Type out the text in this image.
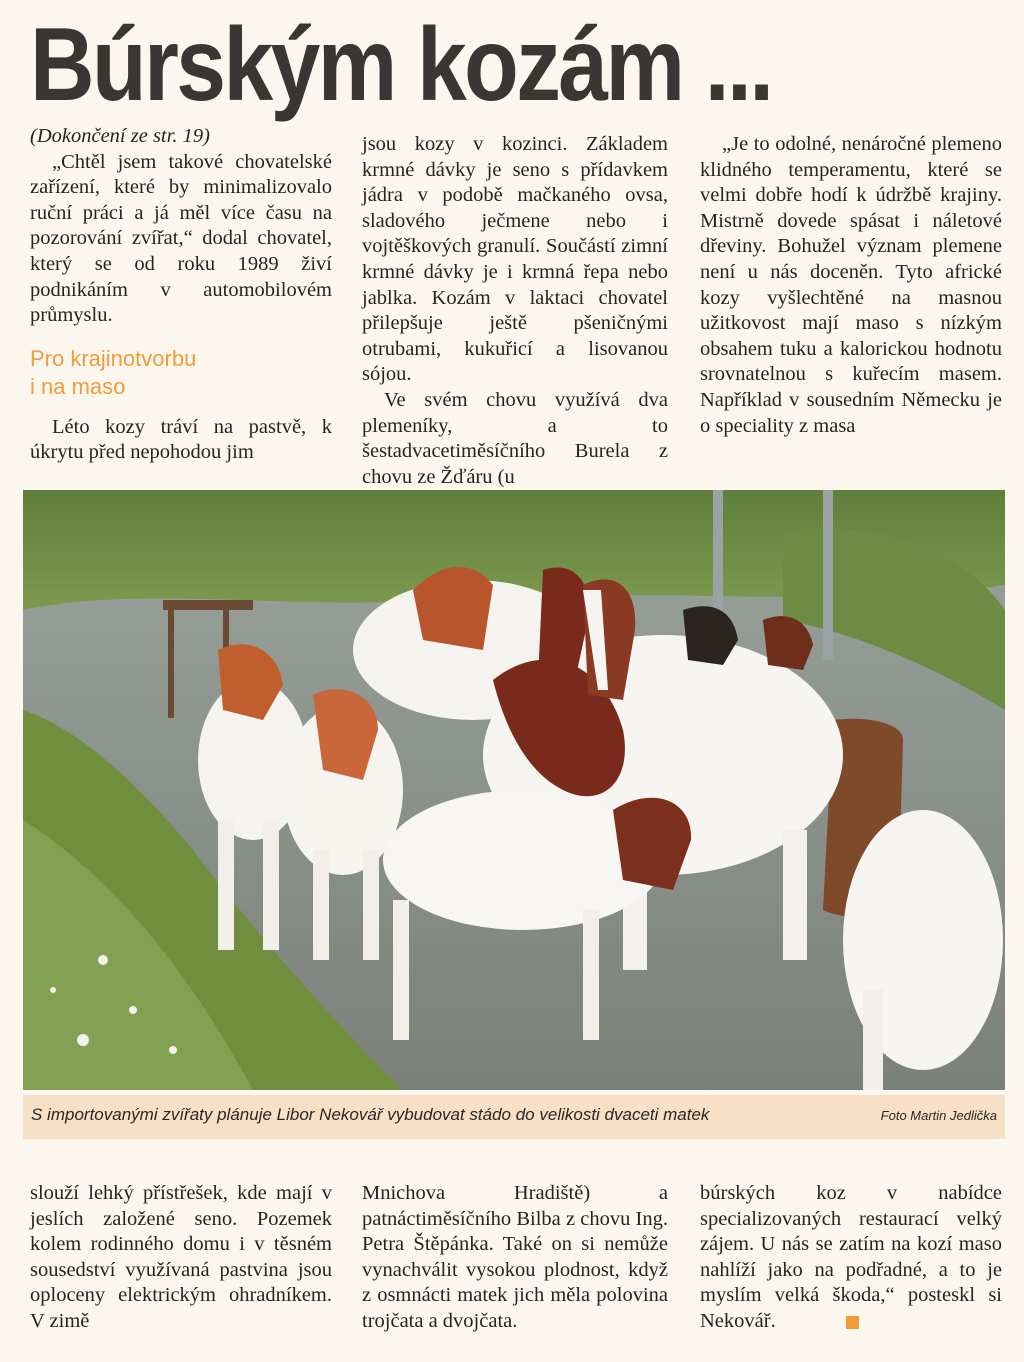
Búrským kozám ...

(Dokončení ze str. 19)

„Chtěl jsem takové chovatelské zařízení, které by minimalizovalo ruční práci a já měl více času na pozorování zvířat,“ dodal chovatel, který se od roku 1989 živí podnikáním v automobilovém průmyslu.

Pro krajinotvorbu
i na maso

Léto kozy tráví na pastvě, k úkrytu před nepohodou jim

jsou kozy v kozinci. Základem krmné dávky je seno s přídavkem jádra v podobě mačkaného ovsa, sladového ječmene nebo i vojtěškových granulí. Součástí zimní krmné dávky je i krmná řepa nebo jablka. Kozám v laktaci chovatel přilepšuje ještě pšeničnými otrubami, kukuřicí a lisovanou sójou.

Ve svém chovu využívá dva plemeníky, a to šestadvacetiměsíčního Burela z chovu ze Žďáru (u

„Je to odolné, nenáročné plemeno klidného temperamentu, které se velmi dobře hodí k údržbě krajiny. Mistrně dovede spásat i náletové dřeviny. Bohužel význam plemene není u nás doceněn. Tyto africké kozy vyšlechtěné na masnou užitkovost mají maso s nízkým obsahem tuku a kalorickou hodnotu srovnatelnou s kuřecím masem. Například v sousedním Německu je o speciality z masa

S importovanými zvířaty plánuje Libor Nekovář vybudovat stádo do velikosti dvaceti matek	Foto Martin Jedlička

slouží lehký přístřešek, kde mají v jeslích založené seno. Pozemek kolem rodinného domu i v těsném sousedství využívaná pastvina jsou oploceny elektrickým ohradníkem. V zimě

Mnichova Hradiště) a patnáctiměsíčního Bilba z chovu Ing. Petra Štěpánka. Také on si nemůže vynachválit vysokou plodnost, když z osmnácti matek jich měla polovina trojčata a dvojčata.

búrských koz v nabídce specializovaných restaurací velký zájem. U nás se zatím na kozí maso nahlíží jako na podřadné, a to je myslím velká škoda,“ posteskl si Nekovář.
